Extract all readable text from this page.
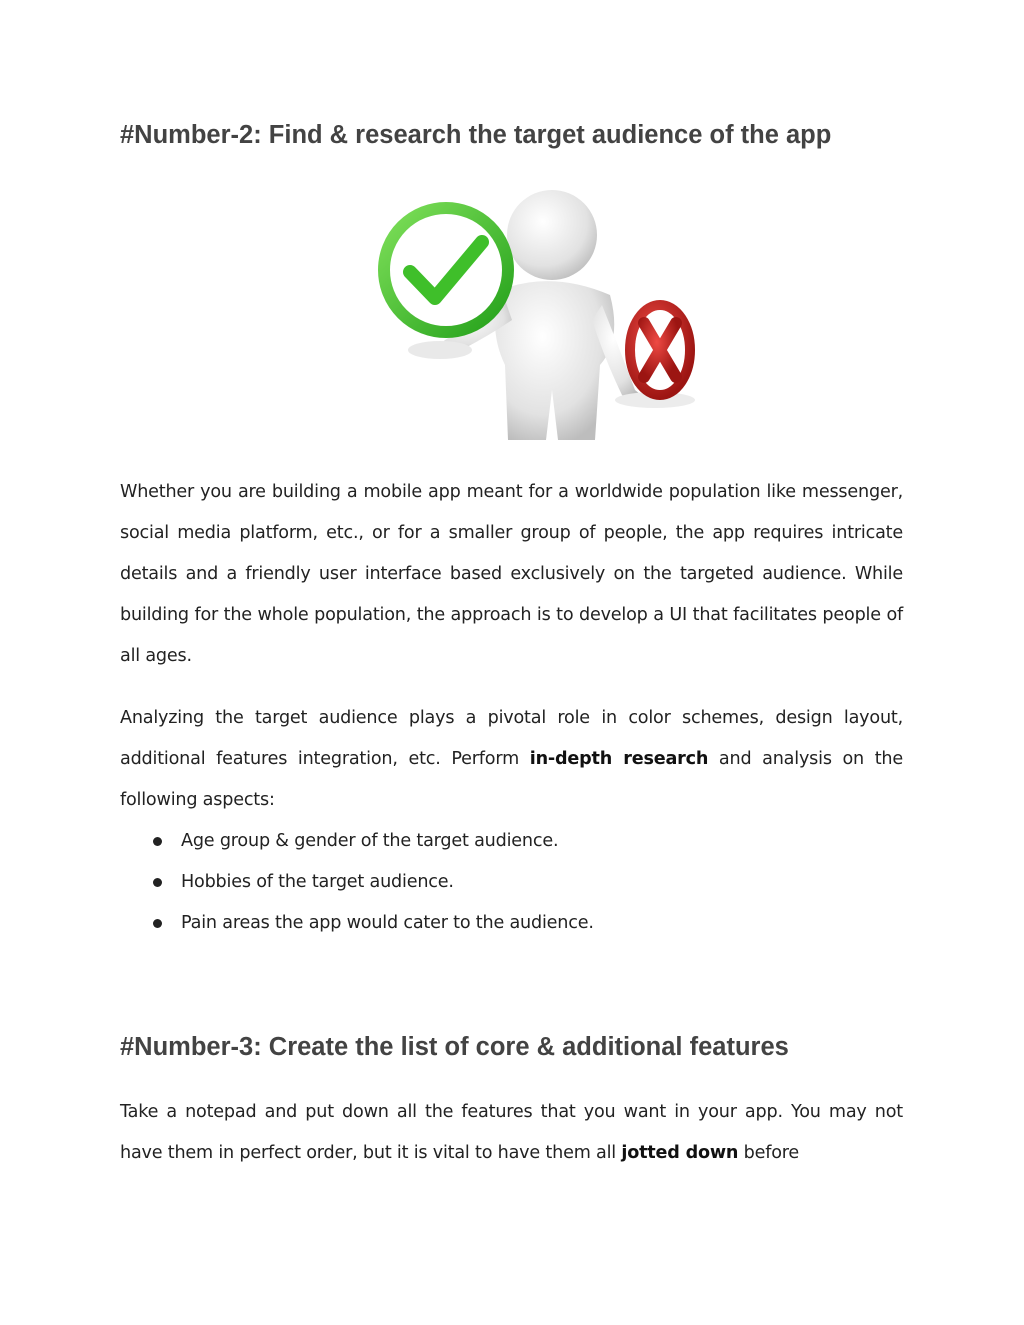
#Number-2: Find & research the target audience of the app

Whether you are building a mobile app meant for a worldwide population like messenger, social media platform, etc., or for a smaller group of people, the app requires intricate details and a friendly user interface based exclusively on the targeted audience. While building for the whole population, the approach is to develop a UI that facilitates people of all ages.

Analyzing the target audience plays a pivotal role in color schemes, design layout, additional features integration, etc. Perform in-depth research and analysis on the following aspects:

Age group & gender of the target audience.
Hobbies of the target audience.
Pain areas the app would cater to the audience.
#Number-3: Create the list of core & additional features

Take a notepad and put down all the features that you want in your app. You may not have them in perfect order, but it is vital to have them all jotted down before
